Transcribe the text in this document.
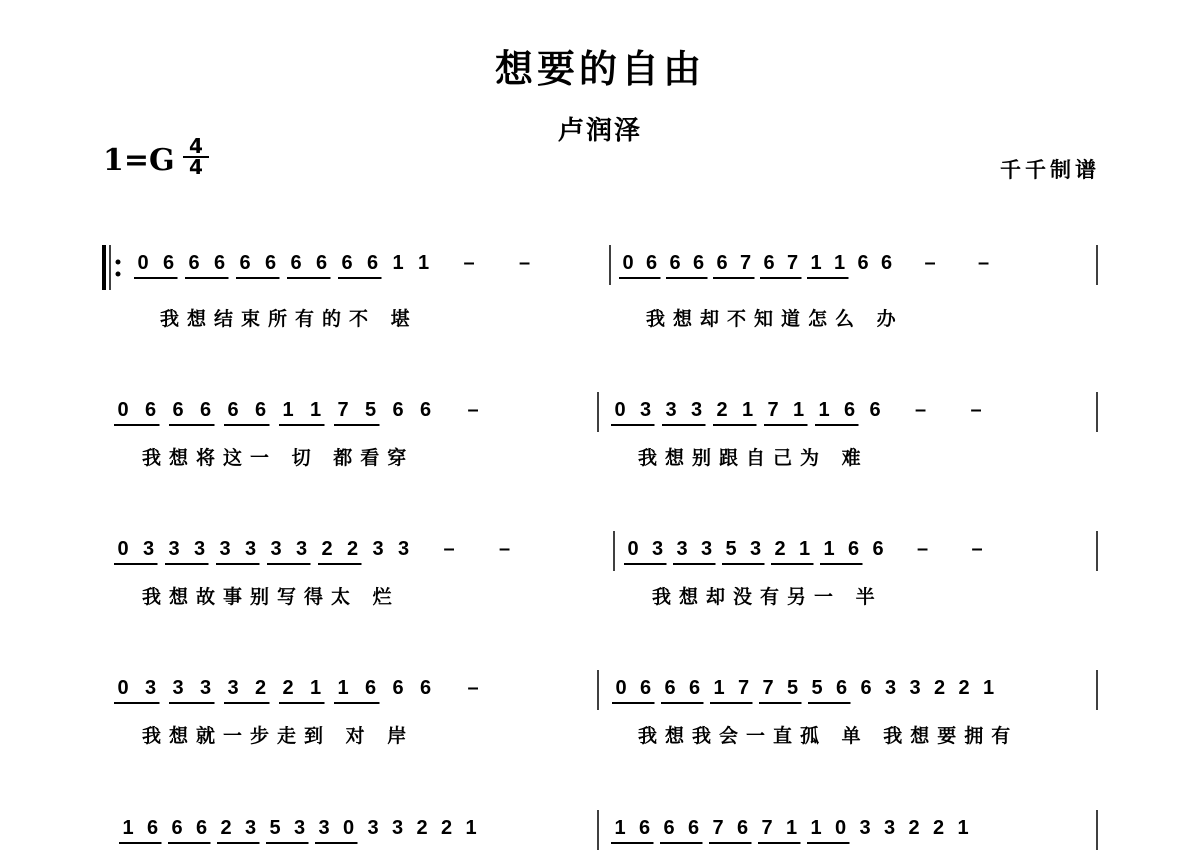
想要的自由
卢润泽
$1=G \frac{4}{4}$	千千制谱
0 6 6 6 6 6 6 6 6 6 1 1 – –
我想结束所有的不 堪
0 6 6 6 6 7 6 7 1 1 6 6 – –
我想却不知道怎么 办
0 6 6 6 6 6 1 1 7 5 6 6 –
我想将这一 切 都看穿
0 3 3 3 2 1 7 1 1 6 6 – –
我想别跟自己为 难
0 3 3 3 3 3 3 3 2 2 3 3 – –
我想故事别写得太 烂
0 3 3 3 5 3 2 1 1 6 6 – –
我想却没有另一 半
0 3 3 3 3 2 2 1 1 6 6 6 –
我想就一步走到 对 岸
0 6 6 6 1 7 7 5 5 6 6 3 3 2 2 1
我想我会一直孤 单 我想要拥有
1 6 6 6 2 3 5 3 3 0 3 3 2 2 1	1 6 6 6 7 6 7 1 1 0 3 3 2 2 1
